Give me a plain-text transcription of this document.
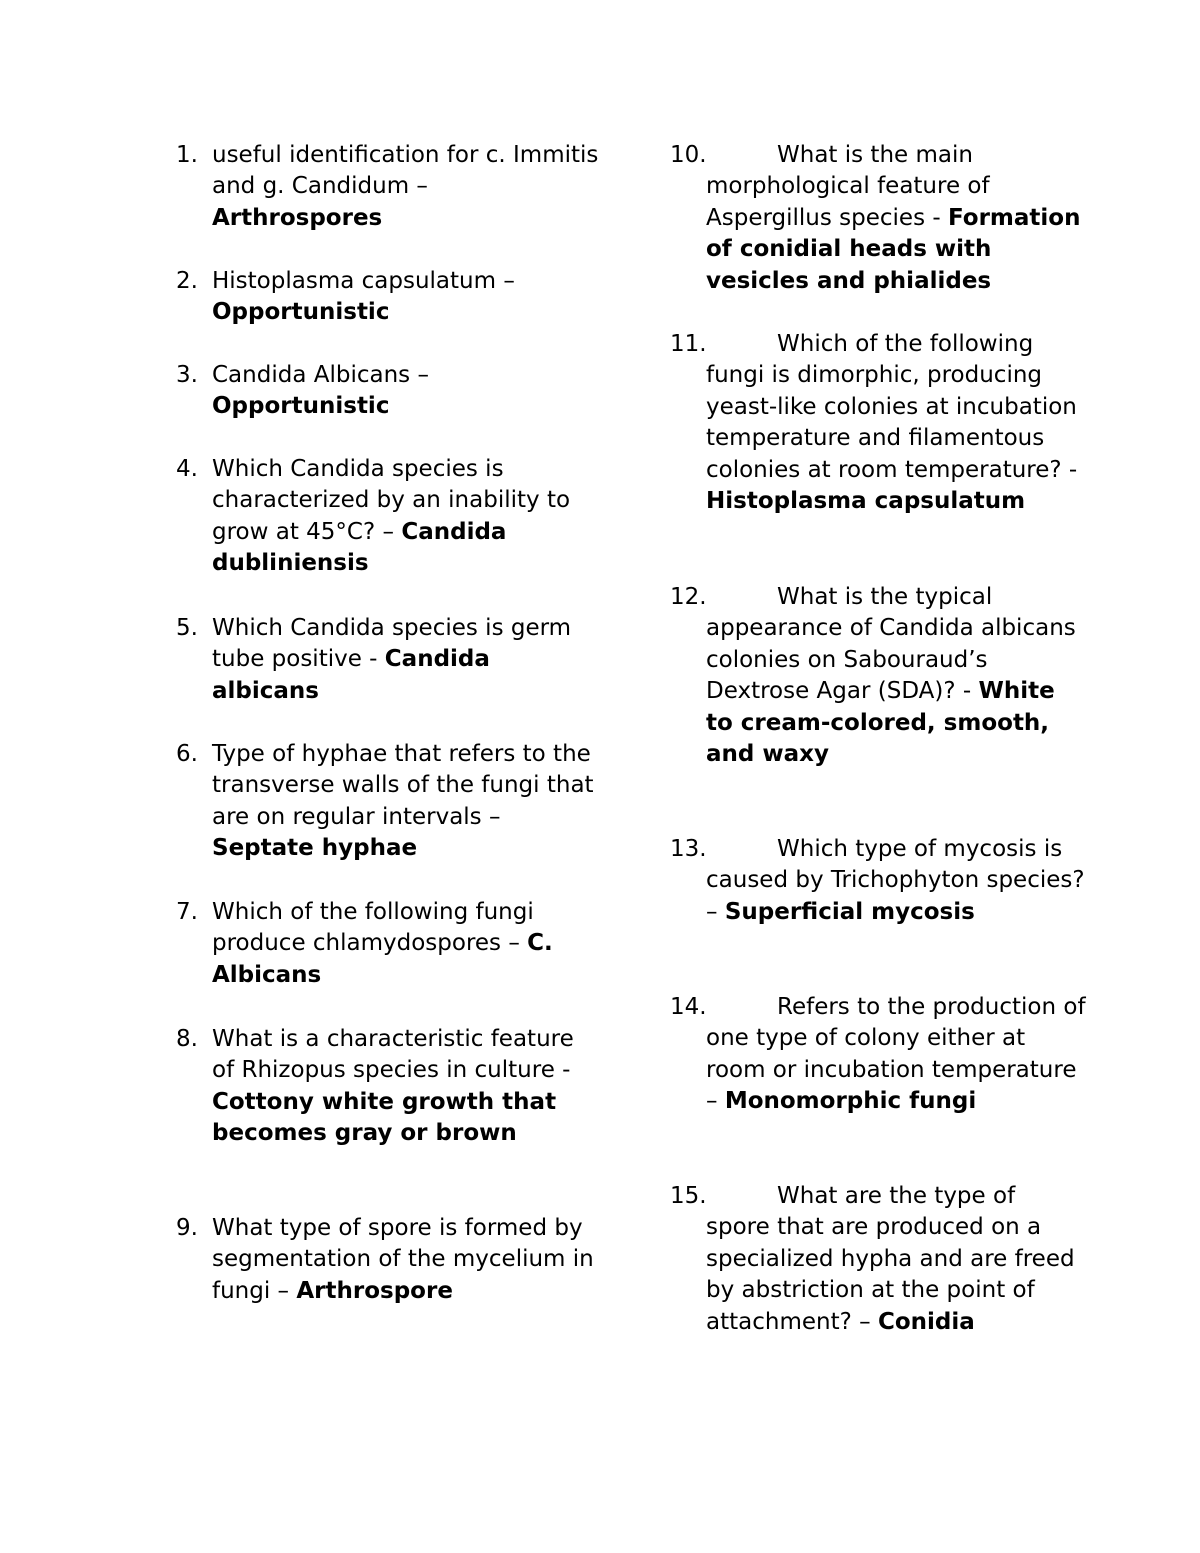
1. useful identification for c. Immitis and g. Candidum – Arthrospores
2. Histoplasma capsulatum – Opportunistic
3. Candida Albicans – Opportunistic
4. Which Candida species is characterized by an inability to grow at 45°C? – Candida dubliniensis
5. Which Candida species is germ tube positive - Candida albicans
6. Type of hyphae that refers to the transverse walls of the fungi that are on regular intervals – Septate hyphae
7. Which of the following fungi produce chlamydospores – C. Albicans
8. What is a characteristic feature of Rhizopus species in culture - Cottony white growth that becomes gray or brown
9. What type of spore is formed by segmentation of the mycelium in fungi – Arthrospore
10.	What is the main morphological feature of Aspergillus species - Formation of conidial heads with vesicles and phialides
11.	Which of the following fungi is dimorphic, producing yeast-like colonies at incubation temperature and filamentous colonies at room temperature? - Histoplasma capsulatum
12.	What is the typical appearance of Candida albicans colonies on Sabouraud’s Dextrose Agar (SDA)? - White to cream-colored, smooth, and waxy
13.	Which type of mycosis is caused by Trichophyton species? – Superficial mycosis
14.	Refers to the production of one type of colony either at room or incubation temperature – Monomorphic fungi
15.	What are the type of spore that are produced on a specialized hypha and are freed by abstriction at the point of attachment? – Conidia
